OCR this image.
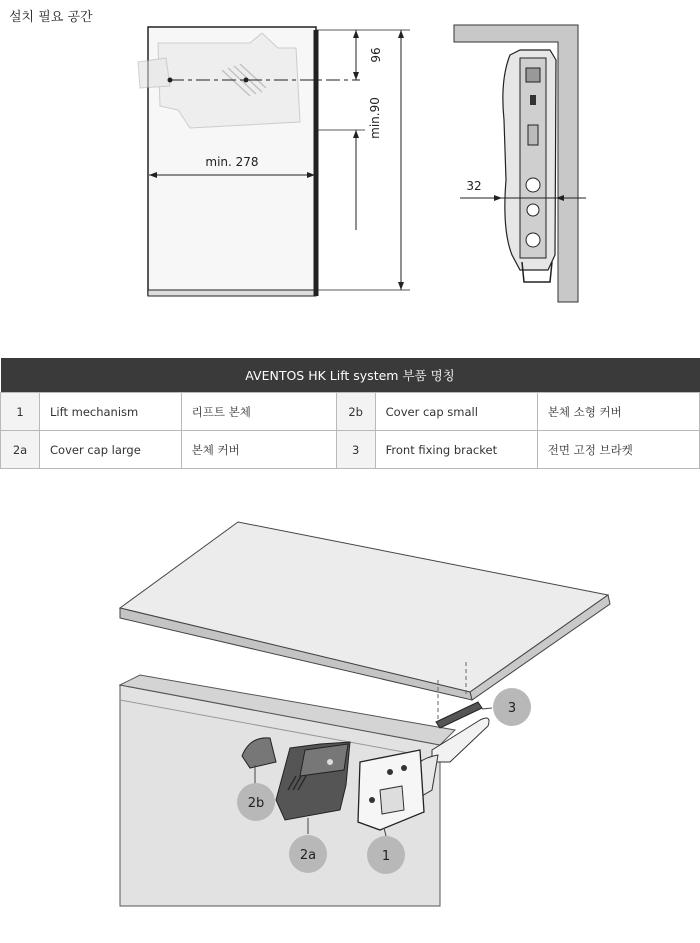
설치 필요 공간
96
min.90
min. 278
32
AVENTOS HK Lift system 부품 명칭					
1	Lift mechanism	리프트 본체	2b	Cover cap small	본체 소형 커버
2a	Cover cap large	본체 커버	3	Front fixing bracket	전면 고정 브라켓
3
2b
2a	1
